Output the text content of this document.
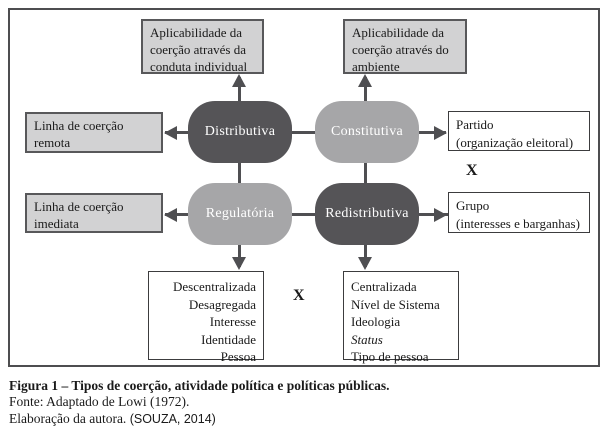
Aplicabilidade da coerção através da conduta individual
Aplicabilidade da coerção através do ambiente
Linha de coerção remota
Linha de coerção imediata
Distributiva	Constitutiva
Regulatória	Redistributiva
Partido
(organização eleitoral)
X
Grupo
(interesses e barganhas)
Descentralizada
Desagregada
Interesse
Identidade
Pessoa
X
Centralizada
Nível de Sistema
Ideologia
Status
Tipo de pessoa
Figura 1 – Tipos de coerção, atividade política e políticas públicas.
Fonte: Adaptado de Lowi (1972).
Elaboração da autora. (SOUZA, 2014)
